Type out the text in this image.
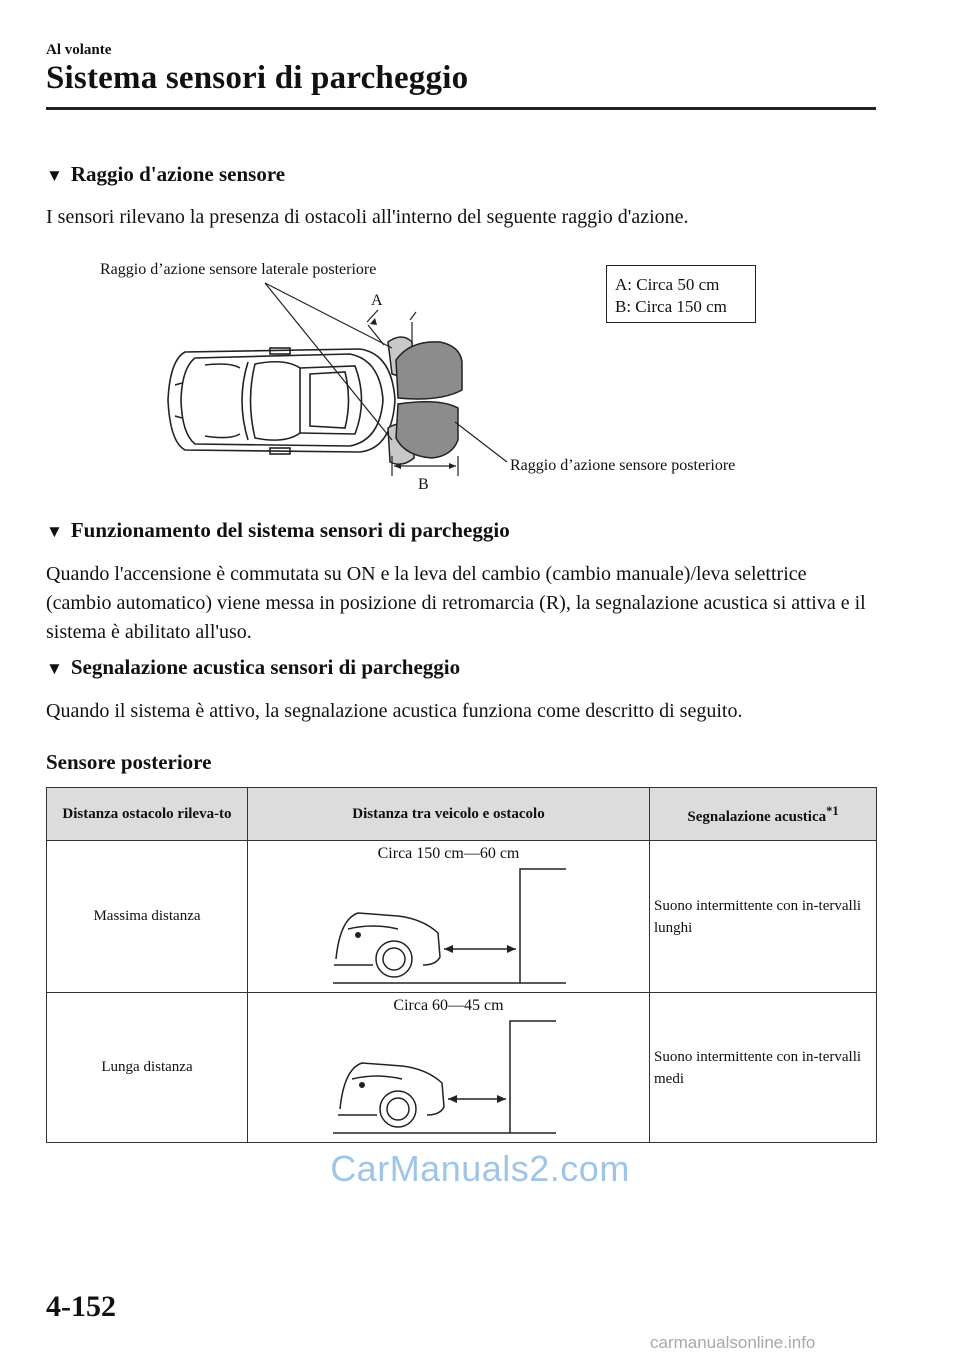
Al volante
Sistema sensori di parcheggio
▼ Raggio d'azione sensore
I sensori rilevano la presenza di ostacoli all'interno del seguente raggio d'azione.
Raggio d’azione sensore laterale posteriore
A
B
Raggio d’azione sensore posteriore
A: Circa 50 cm
B: Circa 150 cm
▼ Funzionamento del sistema sensori di parcheggio
Quando l'accensione è commutata su ON e la leva del cambio (cambio manuale)/leva selettrice (cambio automatico) viene messa in posizione di retromarcia (R), la segnalazione acustica si attiva e il sistema è abilitato all'uso.
▼ Segnalazione acustica sensori di parcheggio
Quando il sistema è attivo, la segnalazione acustica funziona come descritto di seguito.
Sensore posteriore
Distanza ostacolo rileva-to	Distanza tra veicolo e ostacolo	Segnalazione acustica$^{*1}$
Massima distanza	Circa 150 cm―60 cm	Suono intermittente con in-tervalli lunghi
Lunga distanza	Circa 60―45 cm	Suono intermittente con in-tervalli medi
CarManuals2.com
4-152
carmanualsonline.info
